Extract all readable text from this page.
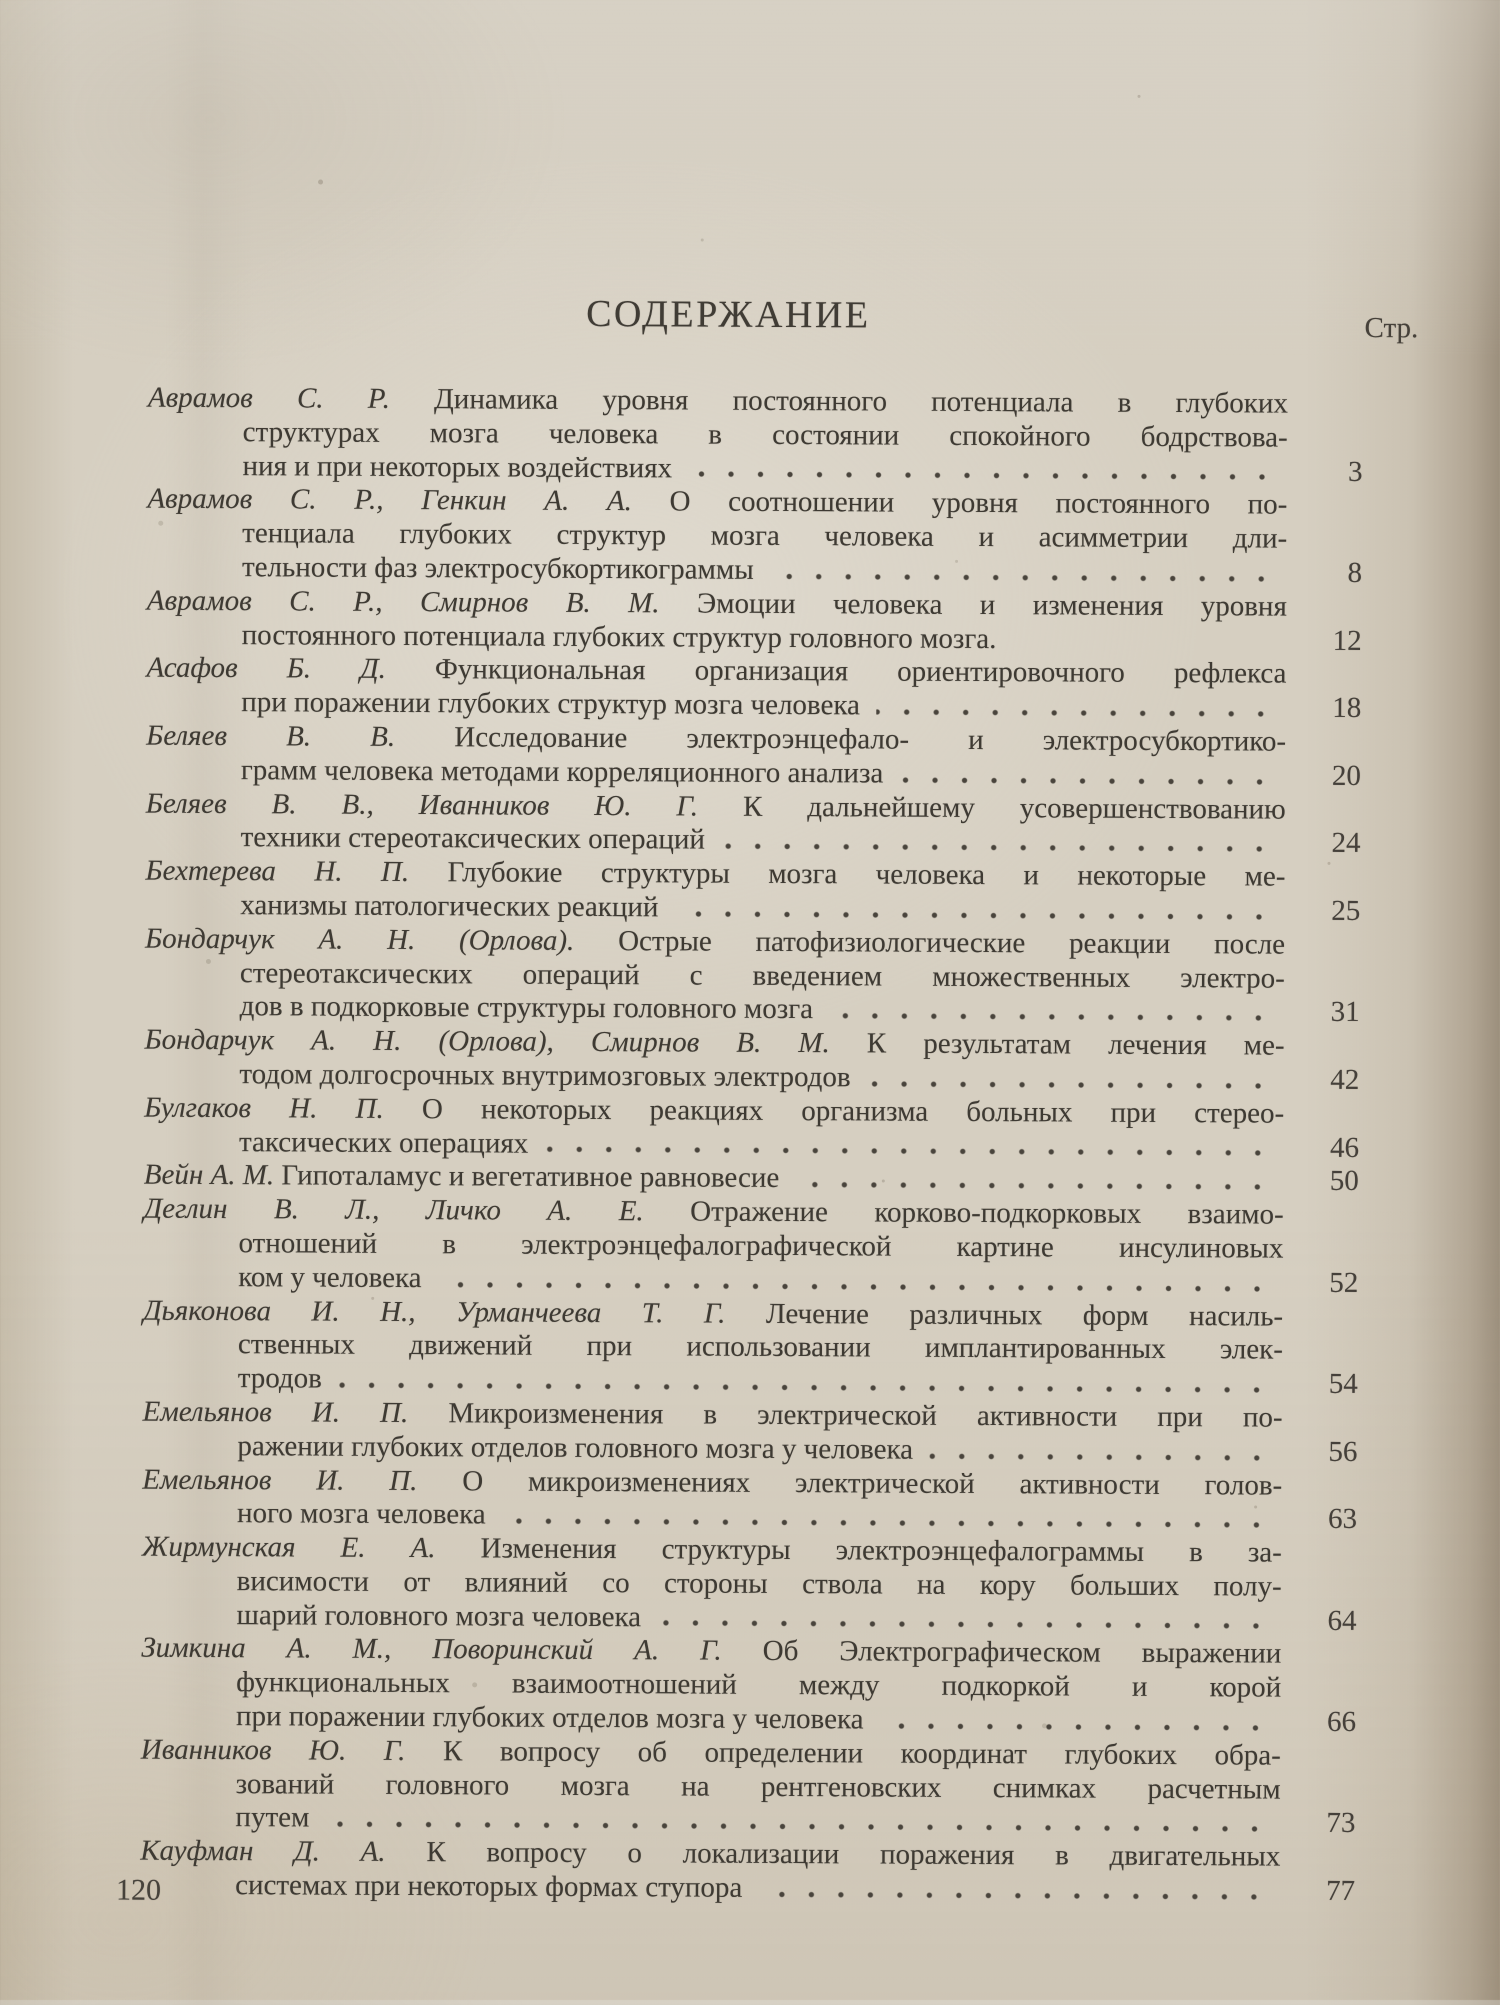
СОДЕРЖАНИЕ	Стр.
Аврамов С. Р. Динамика уровня постоянного потенциала в глубоких
структурах мозга человека в состоянии спокойного бодрствова-
ния и при некоторых воздействиях	3
Аврамов С. Р., Генкин А. А. О соотношении уровня постоянного по-
тенциала глубоких структур мозга человека и асимметрии дли-
тельности фаз электросубкортикограммы	8
Аврамов С. Р., Смирнов В. М. Эмоции человека и изменения уровня
постоянного потенциала глубоких структур головного мозга.	12
Асафов Б. Д. Функциональная организация ориентировочного рефлекса
при поражении глубоких структур мозга человека	18
Беляев В. В. Исследование электроэнцефало- и электросубкортико-
грамм человека методами корреляционного анализа	20
Беляев В. В., Иванников Ю. Г. К дальнейшему усовершенствованию
техники стереотаксических операций	24
Бехтерева Н. П. Глубокие структуры мозга человека и некоторые ме-
ханизмы патологических реакций	25
Бондарчук А. Н. (Орлова). Острые патофизиологические реакции после
стереотаксических операций с введением множественных электро-
дов в подкорковые структуры головного мозга	31
Бондарчук А. Н. (Орлова), Смирнов В. М. К результатам лечения ме-
тодом долгосрочных внутримозговых электродов	42
Булгаков Н. П. О некоторых реакциях организма больных при стерео-
таксических операциях	46
Вейн А. М. Гипоталамус и вегетативное равновесие	50
Деглин В. Л., Личко А. Е. Отражение корково-подкорковых взаимо-
отношений в электроэнцефалографической картине инсулиновых
ком у человека	52
Дьяконова И. Н., Урманчеева Т. Г. Лечение различных форм насиль-
ственных движений при использовании имплантированных элек-
тродов	54
Емельянов И. П. Микроизменения в электрической активности при по-
ражении глубоких отделов головного мозга у человека	56
Емельянов И. П. О микроизменениях электрической активности голов-
ного мозга человека	63
Жирмунская Е. А. Изменения структуры электроэнцефалограммы в за-
висимости от влияний со стороны ствола на кору больших полу-
шарий головного мозга человека	64
Зимкина А. М., Поворинский А. Г. Об Электрографическом выражении
функциональных взаимоотношений между подкоркой и корой
при поражении глубоких отделов мозга у человека	66
Иванников Ю. Г. К вопросу об определении координат глубоких обра-
зований головного мозга на рентгеновских снимках расчетным
путем	73
Кауфман Д. А. К вопросу о локализации поражения в двигательных
системах при некоторых формах ступора	77
120
